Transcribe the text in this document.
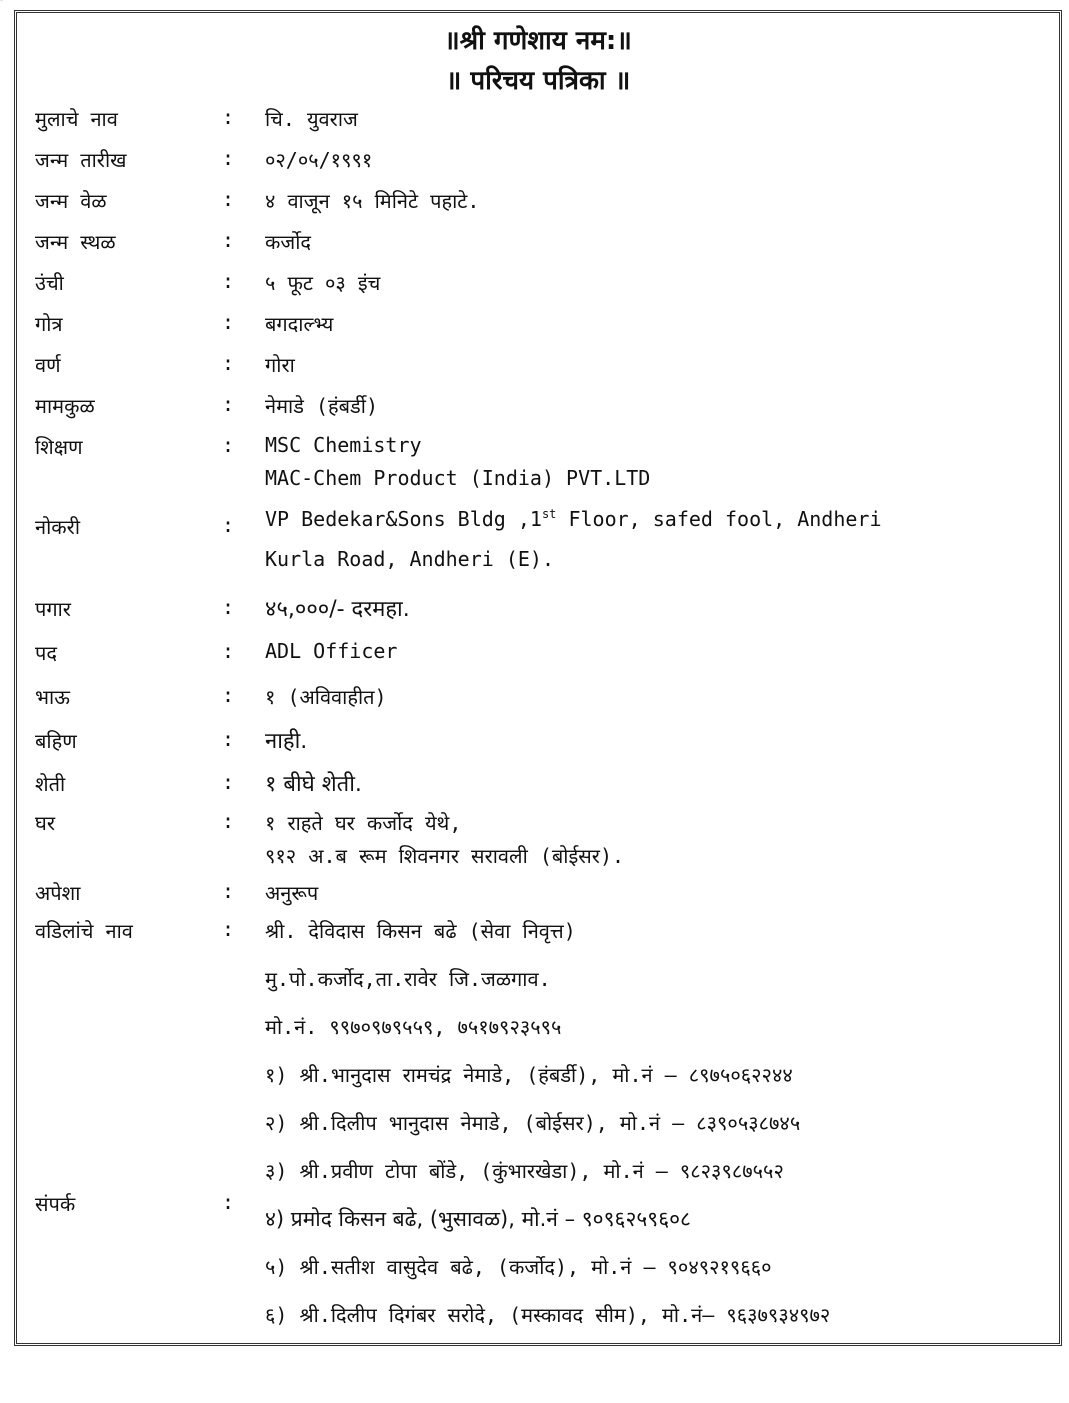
॥श्री गणेशाय नम:॥
॥ परिचय पत्रिका ॥
मुलाचे नाव	: चि. युवराज
जन्म तारीख	: ०२/०५/१९९१
जन्म वेळ	: ४ वाजून १५ मिनिटे पहाटे.
जन्म स्थळ	: कर्जोद
उंची	: ५ फूट ०३ इंच
गोत्र	: बगदाल्भ्य
वर्ण	: गोरा
मामकुळ	: नेमाडे (हंबर्डी)
शिक्षण	: MSC Chemistry
MAC-Chem Product (India) PVT.LTD
नोकरी	: VP Bedekar&Sons Bldg ,1st Floor, safed fool, Andheri
Kurla Road, Andheri (E).
पगार	: ४५,०००/- दरमहा.
पद	: ADL Officer
भाऊ	: १ (अविवाहीत)
बहिण	: नाही.
शेती	: १ बीघे शेती.
घर	: १ राहते घर कर्जोद येथे,
९१२ अ.ब रूम शिवनगर सरावली (बोईसर).
अपेशा	: अनुरूप
वडिलांचे नाव	: श्री. देविदास किसन बढे (सेवा निवृत्त)
मु.पो.कर्जोद,ता.रावेर जि.जळगाव.
मो.नं. ९९७०९७९५५९, ७५१७९२३५९५
संपर्क	:
१) श्री.भानुदास रामचंद्र नेमाडे, (हंबर्डी), मो.नं – ८९७५०६२२४४
२) श्री.दिलीप भानुदास नेमाडे, (बोईसर), मो.नं – ८३९०५३८७४५
३) श्री.प्रवीण टोपा बोंडे, (कुंभारखेडा), मो.नं – ९८२३९८७५५२
४) प्रमोद किसन बढे, (भुसावळ), मो.नं – ९०९६२५९६०८
५) श्री.सतीश वासुदेव बढे, (कर्जोद), मो.नं – ९०४९२१९६६०
६) श्री.दिलीप दिगंबर सरोदे, (मस्कावद सीम), मो.नं– ९६३७९३४९७२
